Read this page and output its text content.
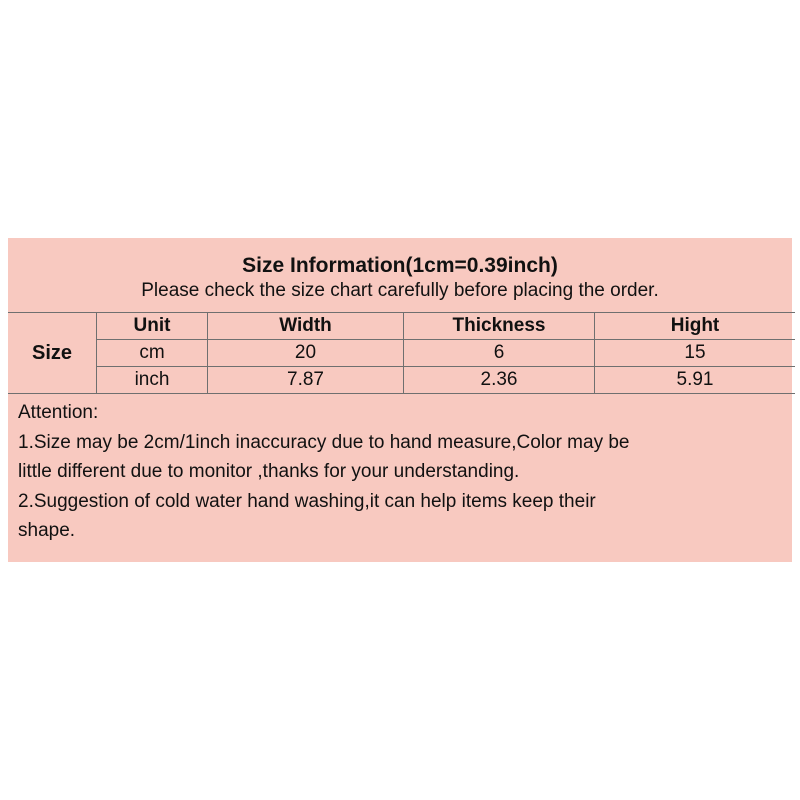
Size Information(1cm=0.39inch)
Please check the size chart carefully before placing the order.
Size	Unit	Width	Thickness	Hight
	cm	20	6	15
	inch	7.87	2.36	5.91
Attention:
1.Size may be 2cm/1inch inaccuracy due to hand measure,Color may be
little different due to monitor ,thanks for your understanding.
2.Suggestion of cold water hand washing,it can help items keep their
shape.
